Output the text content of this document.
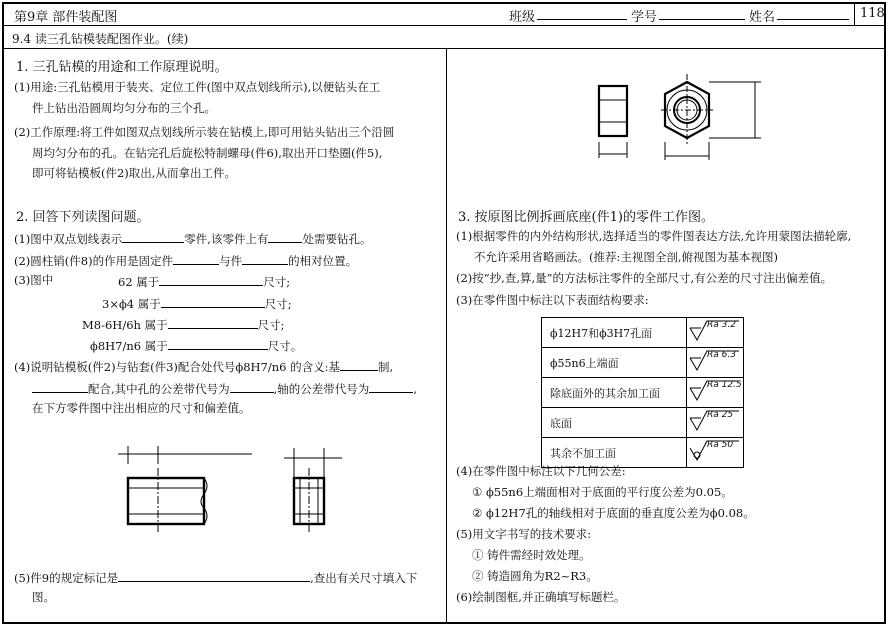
第9章 部件装配图	班级	学号	姓名	118
9.4 读三孔钻模装配图作业。(续)
1. 三孔钻模的用途和工作原理说明。
(1)用途:三孔钻模用于装夹、定位工件(图中双点划线所示),以便钻头在工
件上钻出沿圆周均匀分布的三个孔。
(2)工作原理:将工件如图双点划线所示装在钻模上,即可用钻头钻出三个沿圆
周均匀分布的孔。在钻完孔后旋松特制螺母(件6),取出开口垫圈(件5),
即可将钻模板(件2)取出,从而拿出工件。
2. 回答下列读图问题。
(1)图中双点划线表示	零件,该零件上有	处需要钻孔。
(2)圆柱销(件8)的作用是固定件	与件	的相对位置。
(3)图中	62 属于	尺寸;
3×ϕ4 属于	尺寸;
M8-6H/6h 属于	尺寸;
ϕ8H7/n6 属于	尺寸。
(4)说明钻模板(件2)与钻套(件3)配合处代号ϕ8H7/n6 的含义:基	制,
配合,其中孔的公差带代号为	,轴的公差带代号为	,
在下方零件图中注出相应的尺寸和偏差值。
(5)件9的规定标记是	,查出有关尺寸填入下
图。
3. 按原图比例拆画底座(件1)的零件工作图。
(1)根据零件的内外结构形状,选择适当的零件图表达方法,允许用蒙图法描轮廓,
不允许采用省略画法。(推荐:主视图全剖,俯视图为基本视图)
(2)按“抄,查,算,量”的方法标注零件的全部尺寸,有公差的尺寸注出偏差值。
(3)在零件图中标注以下表面结构要求:
ϕ12H7和ϕ3H7孔面	Ra 3.2

ϕ55n6上端面	Ra 6.3

除底面外的其余加工面	Ra 12.5

底面	Ra 25

其余不加工面	Ra 50
(4)在零件图中标注以下几何公差:
① ϕ55n6上端面相对于底面的平行度公差为0.05。
② ϕ12H7孔的轴线相对于底面的垂直度公差为ϕ0.08。
(5)用文字书写的技术要求:
① 铸件需经时效处理。
② 铸造圆角为R2~R3。
(6)绘制图框,并正确填写标题栏。
